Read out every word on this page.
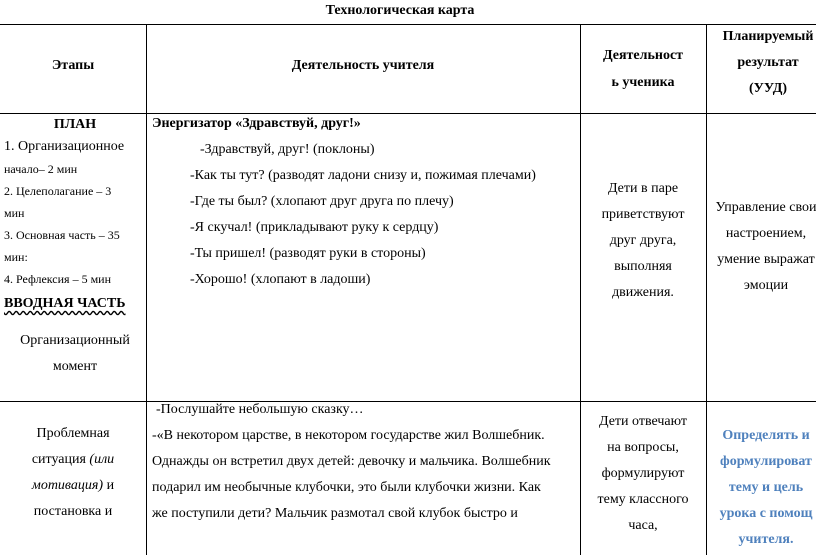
Технологическая карта
Этапы	Деятельность учителя
Деятельност
ь ученика
Планируемый
результат
(УУД)
ПЛАН
1. Организационное
начало– 2 мин
2. Целеполагание – 3
мин
3. Основная часть – 35
мин:
4. Рефлексия – 5 мин
ВВОДНАЯ ЧАСТЬ
Организационный
момент
Энергизатор «Здравствуй, друг!»
-Здравствуй, друг! (поклоны)
-Как ты тут? (разводят ладони снизу и, пожимая плечами)
-Где ты был? (хлопают друг друга по плечу)
-Я скучал! (прикладывают руку к сердцу)
-Ты пришел! (разводят руки в стороны)
-Хорошо! (хлопают в ладоши)
Дети в паре
приветствуют
друг друга,
выполняя
движения.
Управление свои
настроением,
умение выражат
эмоции
Проблемная
ситуация (или
мотивация) и
постановка и
-Послушайте небольшую сказку…
-«В некотором царстве, в некотором государстве жил Волшебник.
Однажды он встретил двух детей: девочку и мальчика. Волшебник
подарил им необычные клубочки, это были клубочки жизни. Как
же поступили дети? Мальчик размотал свой клубок быстро и
Дети отвечают
на вопросы,
формулируют
тему классного
часа,
Определять и
формулироват
тему и цель
урока с помощ
учителя.
